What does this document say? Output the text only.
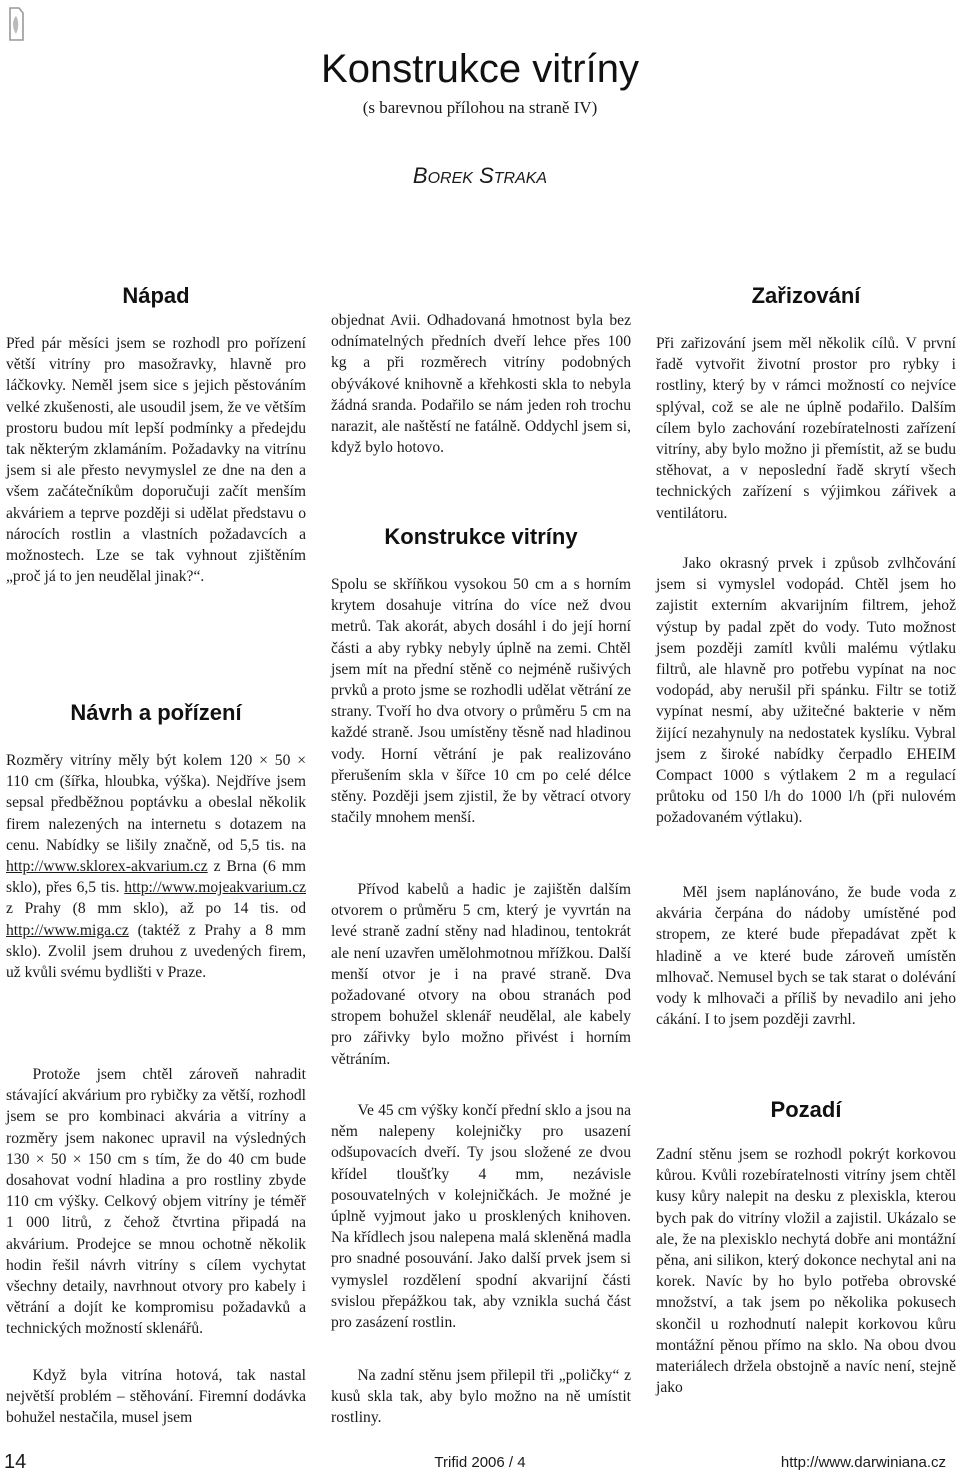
Konstrukce vitríny
(s barevnou přílohou na straně IV)
BOREK STRAKA
Nápad

Před pár měsíci jsem se rozhodl pro pořízení větší vitríny pro masožravky, hlavně pro láčkovky. Neměl jsem sice s jejich pěstováním velké zkušenosti, ale usoudil jsem, že ve větším prostoru budou mít lepší podmínky a předejdu tak některým zklamáním. Požadavky na vitrínu jsem si ale přesto nevymyslel ze dne na den a všem začátečníkům doporučuji začít menším akváriem a teprve později si udělat představu o nárocích rostlin a vlastních požadavcích a možnostech. Lze se tak vyhnout zjištěním „proč já to jen neudělal jinak?“.

Návrh a pořízení

Rozměry vitríny měly být kolem 120 × 50 × 110 cm (šířka, hloubka, výška). Nejdříve jsem sepsal předběžnou poptávku a obeslal několik firem nalezených na internetu s dotazem na cenu. Nabídky se lišily značně, od 5,5 tis. na http://www.sklorex-akvarium.cz z Brna (6 mm sklo), přes 6,5 tis. http://www.mojeakvarium.cz z Prahy (8 mm sklo), až po 14 tis. od http://www.miga.cz (taktéž z Prahy a 8 mm sklo). Zvolil jsem druhou z uvedených firem, už kvůli svému bydlišti v Praze.

Protože jsem chtěl zároveň nahradit stávající akvárium pro rybičky za větší, rozhodl jsem se pro kombinaci akvária a vitríny a rozměry jsem nakonec upravil na výsledných 130 × 50 × 150 cm s tím, že do 40 cm bude dosahovat vodní hladina a pro rostliny zbyde 110 cm výšky. Celkový objem vitríny je téměř 1 000 litrů, z čehož čtvrtina připadá na akvárium. Prodejce se mnou ochotně několik hodin řešil návrh vitríny s cílem vychytat všechny detaily, navrhnout otvory pro kabely i větrání a dojít ke kompromisu požadavků a technických možností sklenářů.

Když byla vitrína hotová, tak nastal největší problém – stěhování. Firemní dodávka bohužel nestačila, musel jsem

objednat Avii. Odhadovaná hmotnost byla bez odnímatelných předních dveří lehce přes 100 kg a při rozměrech vitríny podobných obývákové knihovně a křehkosti skla to nebyla žádná sranda. Podařilo se nám jeden roh trochu narazit, ale naštěstí ne fatálně. Oddychl jsem si, když bylo hotovo.

Konstrukce vitríny

Spolu se skříňkou vysokou 50 cm a s horním krytem dosahuje vitrína do více než dvou metrů. Tak akorát, abych dosáhl i do její horní části a aby rybky nebyly úplně na zemi. Chtěl jsem mít na přední stěně co nejméně rušivých prvků a proto jsme se rozhodli udělat větrání ze strany. Tvoří ho dva otvory o průměru 5 cm na každé straně. Jsou umístěny těsně nad hladinou vody. Horní větrání je pak realizováno přerušením skla v šířce 10 cm po celé délce stěny. Později jsem zjistil, že by větrací otvory stačily mnohem menší.

Přívod kabelů a hadic je zajištěn dalším otvorem o průměru 5 cm, který je vyvrtán na levé straně zadní stěny nad hladinou, tentokrát ale není uzavřen umělohmotnou mřížkou. Další menší otvor je i na pravé straně. Dva požadované otvory na obou stranách pod stropem bohužel sklenář neudělal, ale kabely pro zářivky bylo možno přivést i horním větráním.

Ve 45 cm výšky končí přední sklo a jsou na něm nalepeny kolejničky pro usazení odšupovacích dveří. Ty jsou složené ze dvou křídel tloušťky 4 mm, nezávisle posouvatelných v kolejničkách. Je možné je úplně vyjmout jako u prosklených knihoven. Na křídlech jsou nalepena malá skleněná madla pro snadné posouvání. Jako další prvek jsem si vymyslel rozdělení spodní akvarijní části svislou přepážkou tak, aby vznikla suchá část pro zasázení rostlin.

Na zadní stěnu jsem přilepil tři „poličky“ z kusů skla tak, aby bylo možno na ně umístit rostliny.

Zařizování

Při zařizování jsem měl několik cílů. V první řadě vytvořit životní prostor pro rybky i rostliny, který by v rámci možností co nejvíce splýval, což se ale ne úplně podařilo. Dalším cílem bylo zachování rozebíratelnosti zařízení vitríny, aby bylo možno ji přemístit, až se budu stěhovat, a v neposlední řadě skrytí všech technických zařízení s výjimkou zářivek a ventilátoru.

Jako okrasný prvek i způsob zvlhčování jsem si vymyslel vodopád. Chtěl jsem ho zajistit externím akvarijním filtrem, jehož výstup by padal zpět do vody. Tuto možnost jsem později zamítl kvůli malému výtlaku filtrů, ale hlavně pro potřebu vypínat na noc vodopád, aby nerušil při spánku. Filtr se totiž vypínat nesmí, aby užitečné bakterie v něm žijící nezahynuly na nedostatek kyslíku. Vybral jsem z široké nabídky čerpadlo EHEIM Compact 1000 s výtlakem 2 m a regulací průtoku od 150 l/h do 1000 l/h (při nulovém požadovaném výtlaku).

Měl jsem naplánováno, že bude voda z akvária čerpána do nádoby umístěné pod stropem, ze které bude přepadávat zpět k hladině a ve které bude zároveň umístěn mlhovač. Nemusel bych se tak starat o dolévání vody k mlhovači a příliš by nevadilo ani jeho cákání. I to jsem později zavrhl.

Pozadí

Zadní stěnu jsem se rozhodl pokrýt korkovou kůrou. Kvůli rozebíratelnosti vitríny jsem chtěl kusy kůry nalepit na desku z plexiskla, kterou bych pak do vitríny vložil a zajistil. Ukázalo se ale, že na plexisklo nechytá dobře ani montážní pěna, ani silikon, který dokonce nechytal ani na korek. Navíc by ho bylo potřeba obrovské množství, a tak jsem po několika pokusech skončil u rozhodnutí nalepit korkovou kůru montážní pěnou přímo na sklo. Na obou dvou materiálech držela obstojně a navíc není, stejně jako

14	Trifid 2006 / 4	http://www.darwiniana.cz
